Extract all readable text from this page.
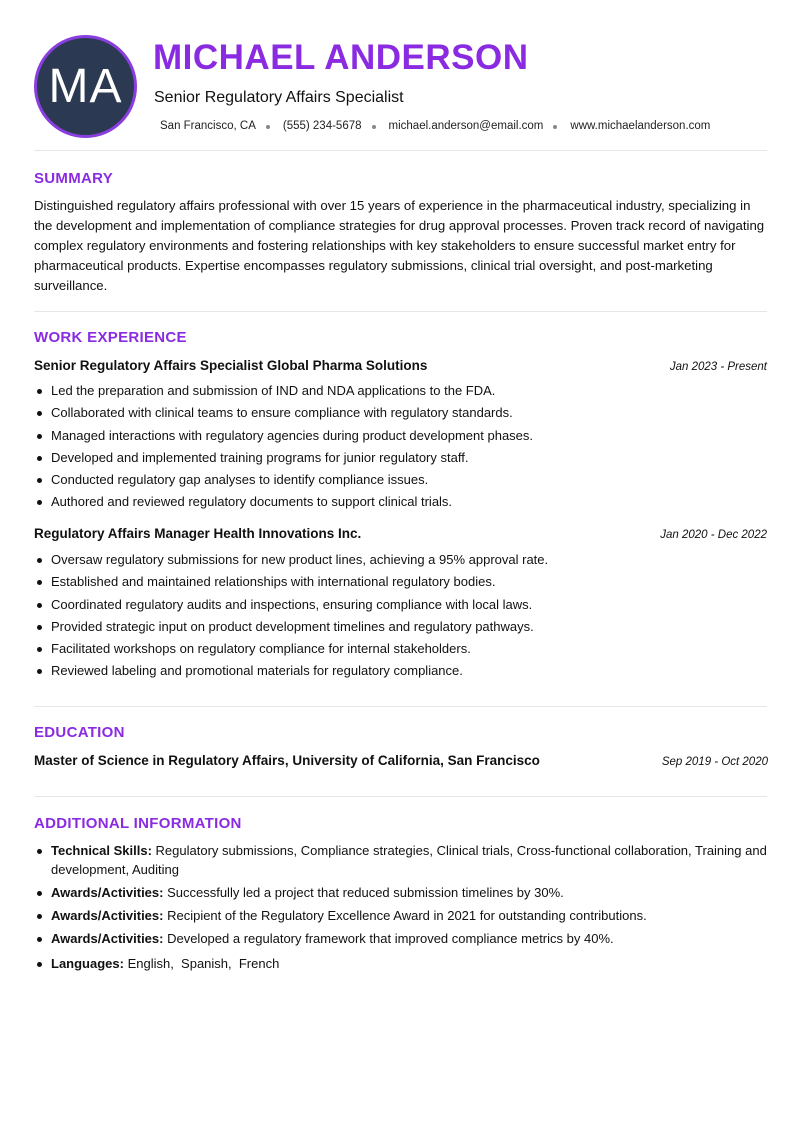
MA
MICHAEL ANDERSON
Senior Regulatory Affairs Specialist
San Francisco, CA (555) 234-5678 michael.anderson@email.com www.michaelanderson.com
SUMMARY

Distinguished regulatory affairs professional with over 15 years of experience in the pharmaceutical industry, specializing in the development and implementation of compliance strategies for drug approval processes. Proven track record of navigating complex regulatory environments and fostering relationships with key stakeholders to ensure successful market entry for pharmaceutical products. Expertise encompasses regulatory submissions, clinical trial oversight, and post-marketing surveillance.

WORK EXPERIENCE
Senior Regulatory Affairs Specialist Global Pharma Solutions	Jan 2023 - Present
Led the preparation and submission of IND and NDA applications to the FDA.
Collaborated with clinical teams to ensure compliance with regulatory standards.
Managed interactions with regulatory agencies during product development phases.
Developed and implemented training programs for junior regulatory staff.
Conducted regulatory gap analyses to identify compliance issues.
Authored and reviewed regulatory documents to support clinical trials.
Regulatory Affairs Manager Health Innovations Inc.	Jan 2020 - Dec 2022
Oversaw regulatory submissions for new product lines, achieving a 95% approval rate.
Established and maintained relationships with international regulatory bodies.
Coordinated regulatory audits and inspections, ensuring compliance with local laws.
Provided strategic input on product development timelines and regulatory pathways.
Facilitated workshops on regulatory compliance for internal stakeholders.
Reviewed labeling and promotional materials for regulatory compliance.
EDUCATION
Master of Science in Regulatory Affairs, University of California, San Francisco	Sep 2019 - Oct 2020
ADDITIONAL INFORMATION
Technical Skills: Regulatory submissions, Compliance strategies, Clinical trials, Cross-functional collaboration, Training and development, Auditing
Awards/Activities: Successfully led a project that reduced submission timelines by 30%.
Awards/Activities: Recipient of the Regulatory Excellence Award in 2021 for outstanding contributions.
Awards/Activities: Developed a regulatory framework that improved compliance metrics by 40%.
Languages: English,  Spanish,  French
